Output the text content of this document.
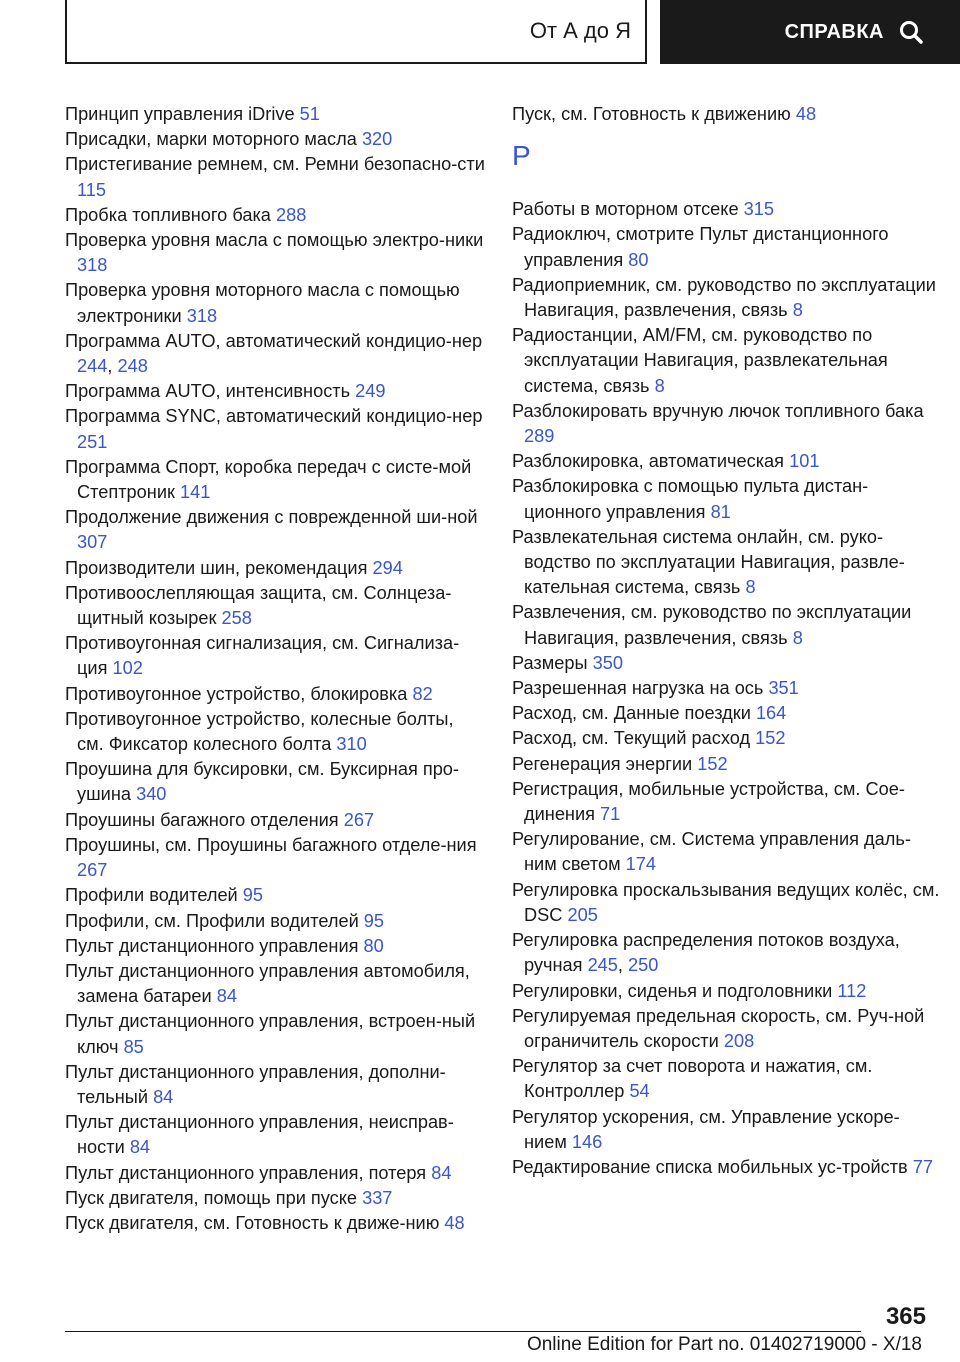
От А до Я	СПРАВКА
Принцип управления iDrive 51
Присадки, марки моторного масла 320
Пристегивание ремнем, см. Ремни безопасно-сти 115
Пробка топливного бака 288
Проверка уровня масла с помощью электро-ники 318
Проверка уровня моторного масла с помощью электроники 318
Программа AUTO, автоматический кондицио-нер 244, 248
Программа AUTO, интенсивность 249
Программа SYNC, автоматический кондицио-нер 251
Программа Спорт, коробка передач с систе-мой Стептроник 141
Продолжение движения с поврежденной ши-ной 307
Производители шин, рекомендация 294
Противоослепляющая защита, см. Солнцеза-щитный козырек 258
Противоугонная сигнализация, см. Сигнализа-ция 102
Противоугонное устройство, блокировка 82
Противоугонное устройство, колесные болты, см. Фиксатор колесного болта 310
Проушина для буксировки, см. Буксирная про-ушина 340
Проушины багажного отделения 267
Проушины, см. Проушины багажного отделе-ния 267
Профили водителей 95
Профили, см. Профили водителей 95
Пульт дистанционного управления 80
Пульт дистанционного управления автомобиля, замена батареи 84
Пульт дистанционного управления, встроен-ный ключ 85
Пульт дистанционного управления, дополни-тельный 84
Пульт дистанционного управления, неисправ-ности 84
Пульт дистанционного управления, потеря 84
Пуск двигателя, помощь при пуске 337
Пуск двигателя, см. Готовность к движе-нию 48
Пуск, см. Готовность к движению 48
Р
Работы в моторном отсеке 315
Радиоключ, смотрите Пульт дистанционного управления 80
Радиоприемник, см. руководство по эксплуатации Навигация, развлечения, связь 8
Радиостанции, AM/FM, см. руководство по эксплуатации Навигация, развлекательная система, связь 8
Разблокировать вручную лючок топливного бака 289
Разблокировка, автоматическая 101
Разблокировка с помощью пульта дистан-ционного управления 81
Развлекательная система онлайн, см. руко-водство по эксплуатации Навигация, развле-кательная система, связь 8
Развлечения, см. руководство по эксплуатации Навигация, развлечения, связь 8
Размеры 350
Разрешенная нагрузка на ось 351
Расход, см. Данные поездки 164
Расход, см. Текущий расход 152
Регенерация энергии 152
Регистрация, мобильные устройства, см. Сое-динения 71
Регулирование, см. Система управления даль-ним светом 174
Регулировка проскальзывания ведущих колёс, см. DSC 205
Регулировка распределения потоков воздуха, ручная 245, 250
Регулировки, сиденья и подголовники 112
Регулируемая предельная скорость, см. Руч-ной ограничитель скорости 208
Регулятор за счет поворота и нажатия, см. Контроллер 54
Регулятор ускорения, см. Управление ускоре-нием 146
Редактирование списка мобильных ус-тройств 77
365
Online Edition for Part no. 01402719000 - X/18
